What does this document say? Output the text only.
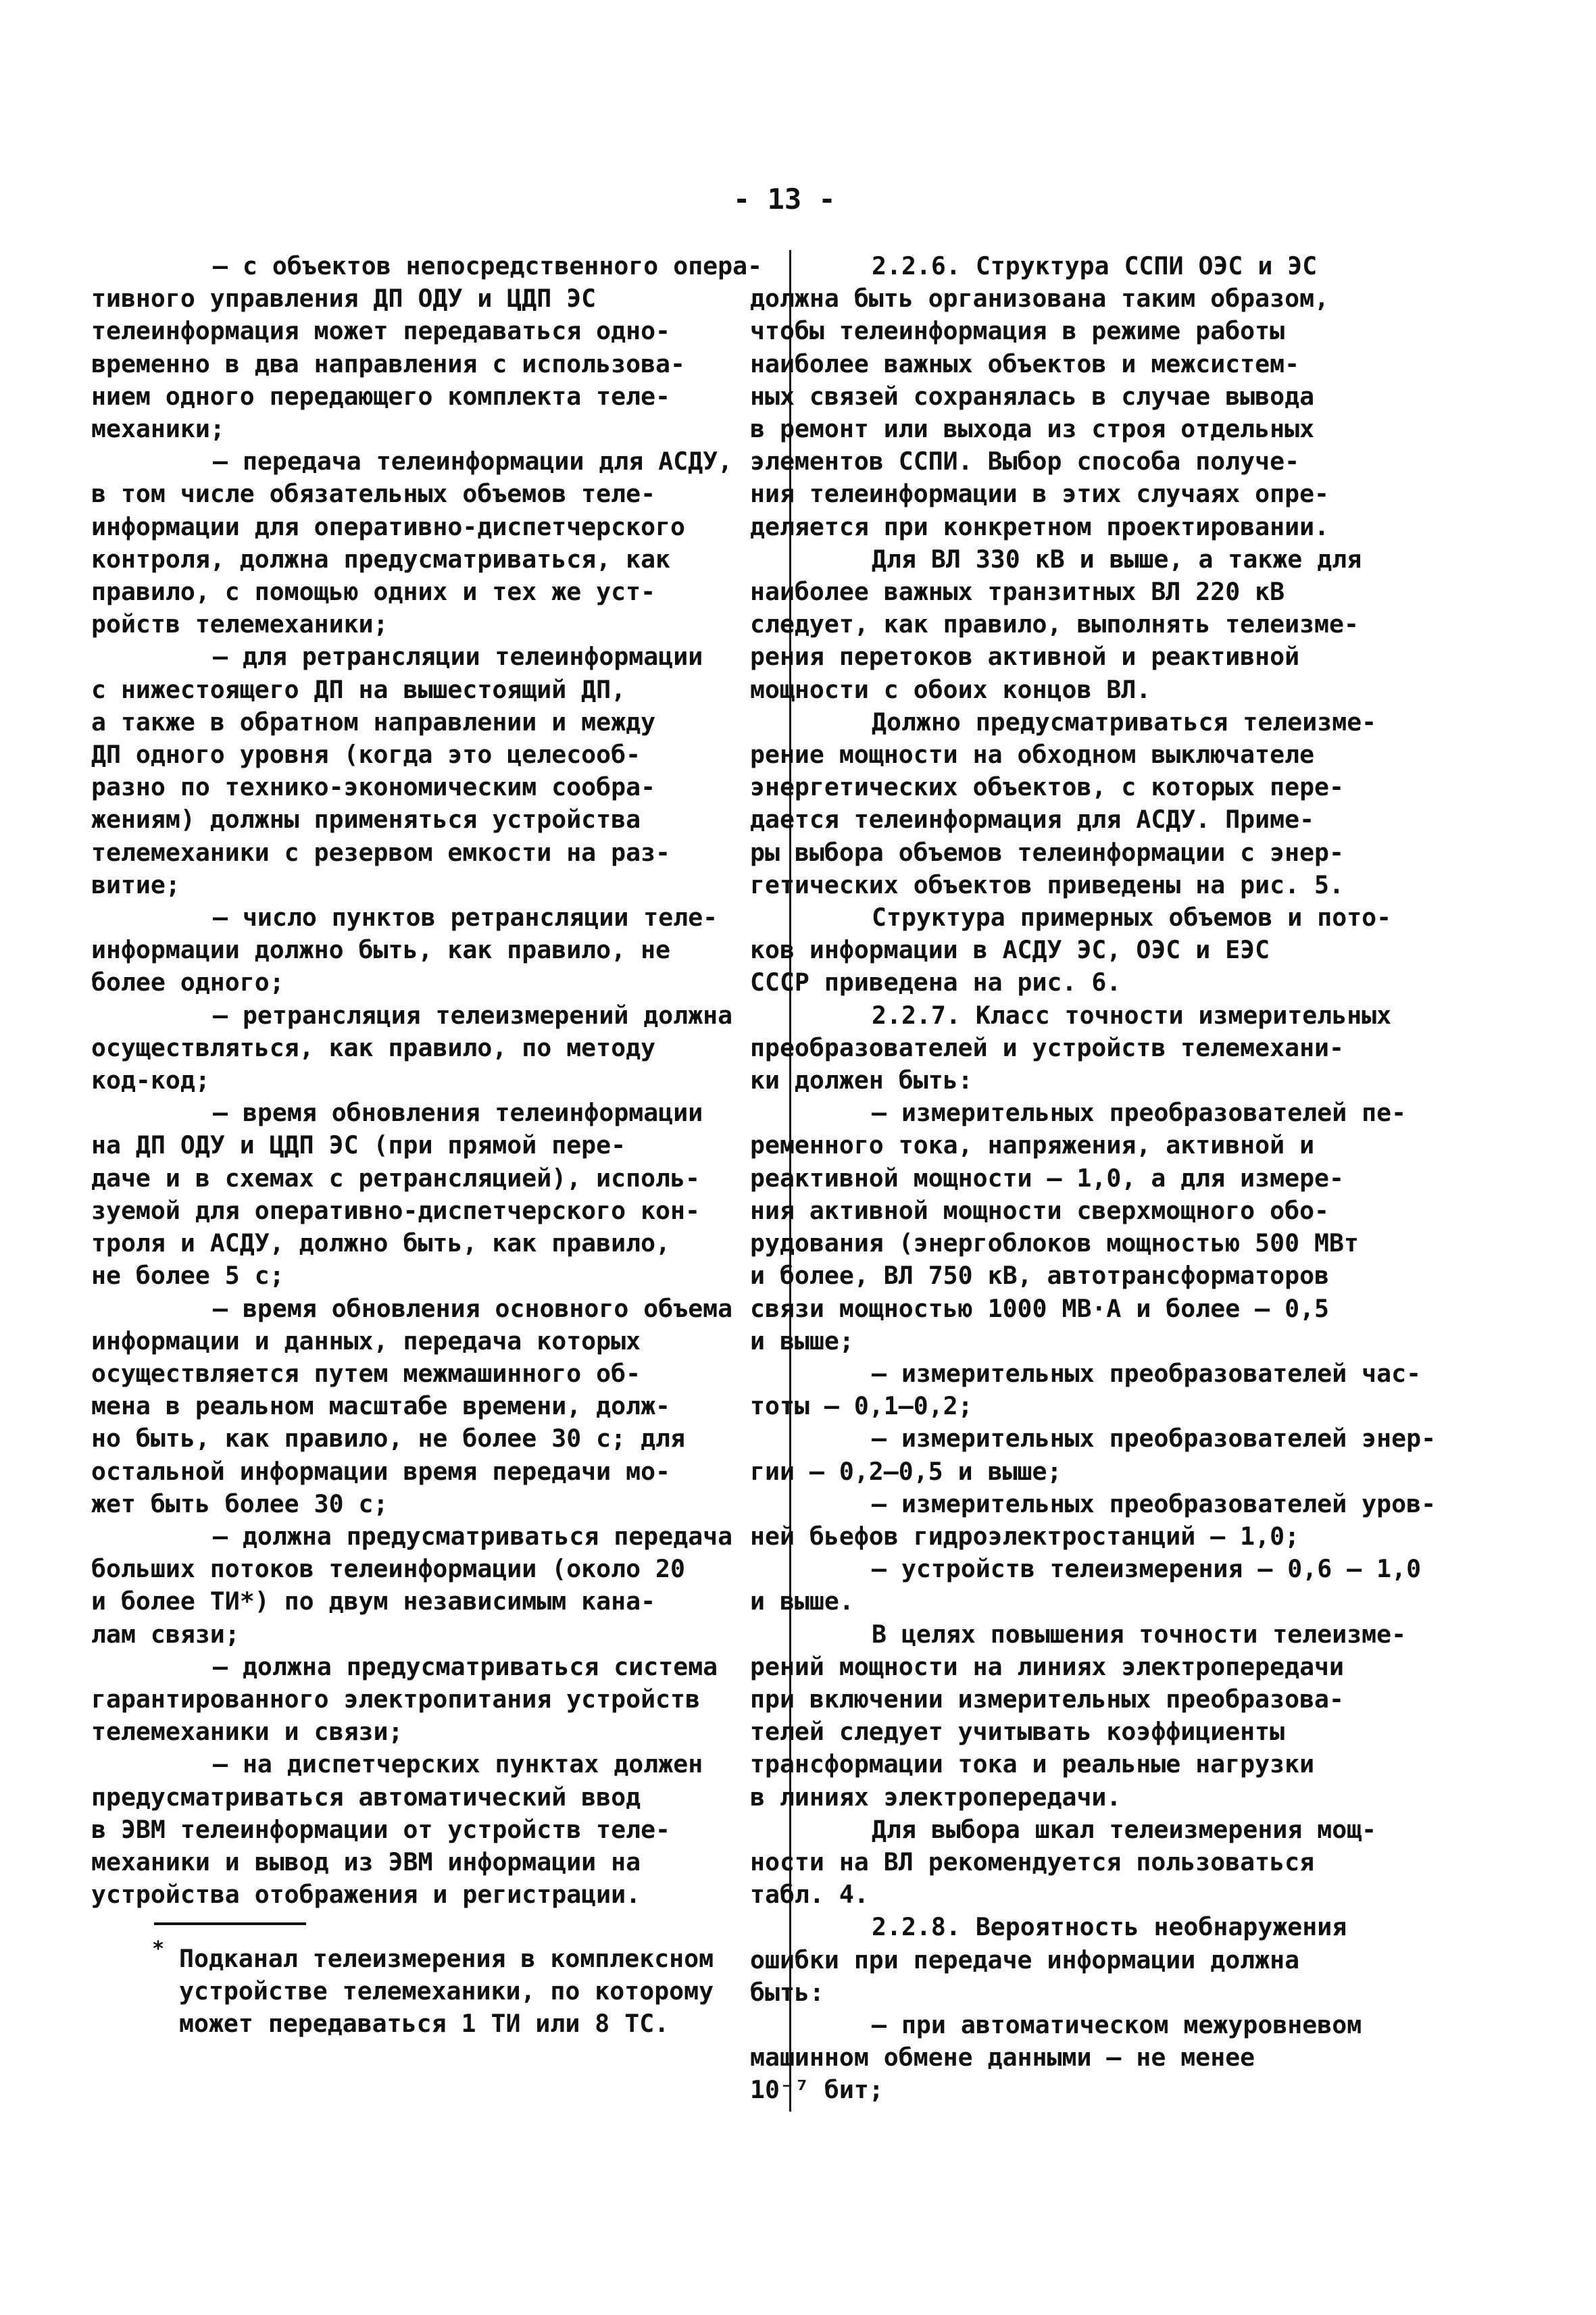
- 13 -
– с объектов непосредственного опера-
тивного управления ДП ОДУ и ЦДП ЭС
телеинформация может передаваться одно-
временно в два направления с использова-
нием одного передающего комплекта теле-
механики;
– передача телеинформации для АСДУ,
в том числе обязательных объемов теле-
информации для оперативно-диспетчерского
контроля, должна предусматриваться, как
правило, с помощью одних и тех же уст-
ройств телемеханики;
– для ретрансляции телеинформации
с нижестоящего ДП на вышестоящий ДП,
а также в обратном направлении и между
ДП одного уровня (когда это целесооб-
разно по технико-экономическим сообра-
жениям) должны применяться устройства
телемеханики с резервом емкости на раз-
витие;
– число пунктов ретрансляции теле-
информации должно быть, как правило, не
более одного;
– ретрансляция телеизмерений должна
осуществляться, как правило, по методу
код-код;
– время обновления телеинформации
на ДП ОДУ и ЦДП ЭС (при прямой пере-
даче и в схемах с ретрансляцией), исполь-
зуемой для оперативно-диспетчерского кон-
троля и АСДУ, должно быть, как правило,
не более 5 с;
– время обновления основного объема
информации и данных, передача которых
осуществляется путем межмашинного об-
мена в реальном масштабе времени, долж-
но быть, как правило, не более 30 с; для
остальной информации время передачи мо-
жет быть более 30 с;
– должна предусматриваться передача
больших потоков телеинформации (около 20
и более ТИ*) по двум независимым кана-
лам связи;
– должна предусматриваться система
гарантированного электропитания устройств
телемеханики и связи;
– на диспетчерских пунктах должен
предусматриваться автоматический ввод
в ЭВМ телеинформации от устройств теле-
механики и вывод из ЭВМ информации на
устройства отображения и регистрации.
2.2.6. Структура ССПИ ОЭС и ЭС
должна быть организована таким образом,
чтобы телеинформация в режиме работы
наиболее важных объектов и межсистем-
ных связей сохранялась в случае вывода
в ремонт или выхода из строя отдельных
элементов ССПИ. Выбор способа получе-
ния телеинформации в этих случаях опре-
деляется при конкретном проектировании.
Для ВЛ 330 кВ и выше, а также для
наиболее важных транзитных ВЛ 220 кВ
следует, как правило, выполнять телеизме-
рения перетоков активной и реактивной
мощности с обоих концов ВЛ.
Должно предусматриваться телеизме-
рение мощности на обходном выключателе
энергетических объектов, с которых пере-
дается телеинформация для АСДУ. Приме-
ры выбора объемов телеинформации с энер-
гетических объектов приведены на рис. 5.
Структура примерных объемов и пото-
ков информации в АСДУ ЭС, ОЭС и ЕЭС
СССР приведена на рис. 6.
2.2.7. Класс точности измерительных
преобразователей и устройств телемехани-
ки должен быть:
– измерительных преобразователей пе-
ременного тока, напряжения, активной и
реактивной мощности — 1,0, а для измере-
ния активной мощности сверхмощного обо-
рудования (энергоблоков мощностью 500 МВт
и более, ВЛ 750 кВ, автотрансформаторов
связи мощностью 1000 МВ·А и более — 0,5
и выше;
– измерительных преобразователей час-
тоты — 0,1–0,2;
– измерительных преобразователей энер-
гии — 0,2–0,5 и выше;
– измерительных преобразователей уров-
ней бьефов гидроэлектростанций — 1,0;
– устройств телеизмерения — 0,6 – 1,0
и выше.
В целях повышения точности телеизме-
рений мощности на линиях электропередачи
при включении измерительных преобразова-
телей следует учитывать коэффициенты
трансформации тока и реальные нагрузки
в линиях электропередачи.
Для выбора шкал телеизмерения мощ-
ности на ВЛ рекомендуется пользоваться
табл. 4.
2.2.8. Вероятность необнаружения
ошибки при передаче информации должна
быть:
– при автоматическом межуровневом
машинном обмене данными — не менее
10⁻⁷ бит;
* Подканал телеизмерения в комплексном
устройстве телемеханики, по которому
может передаваться 1 ТИ или 8 ТС.
